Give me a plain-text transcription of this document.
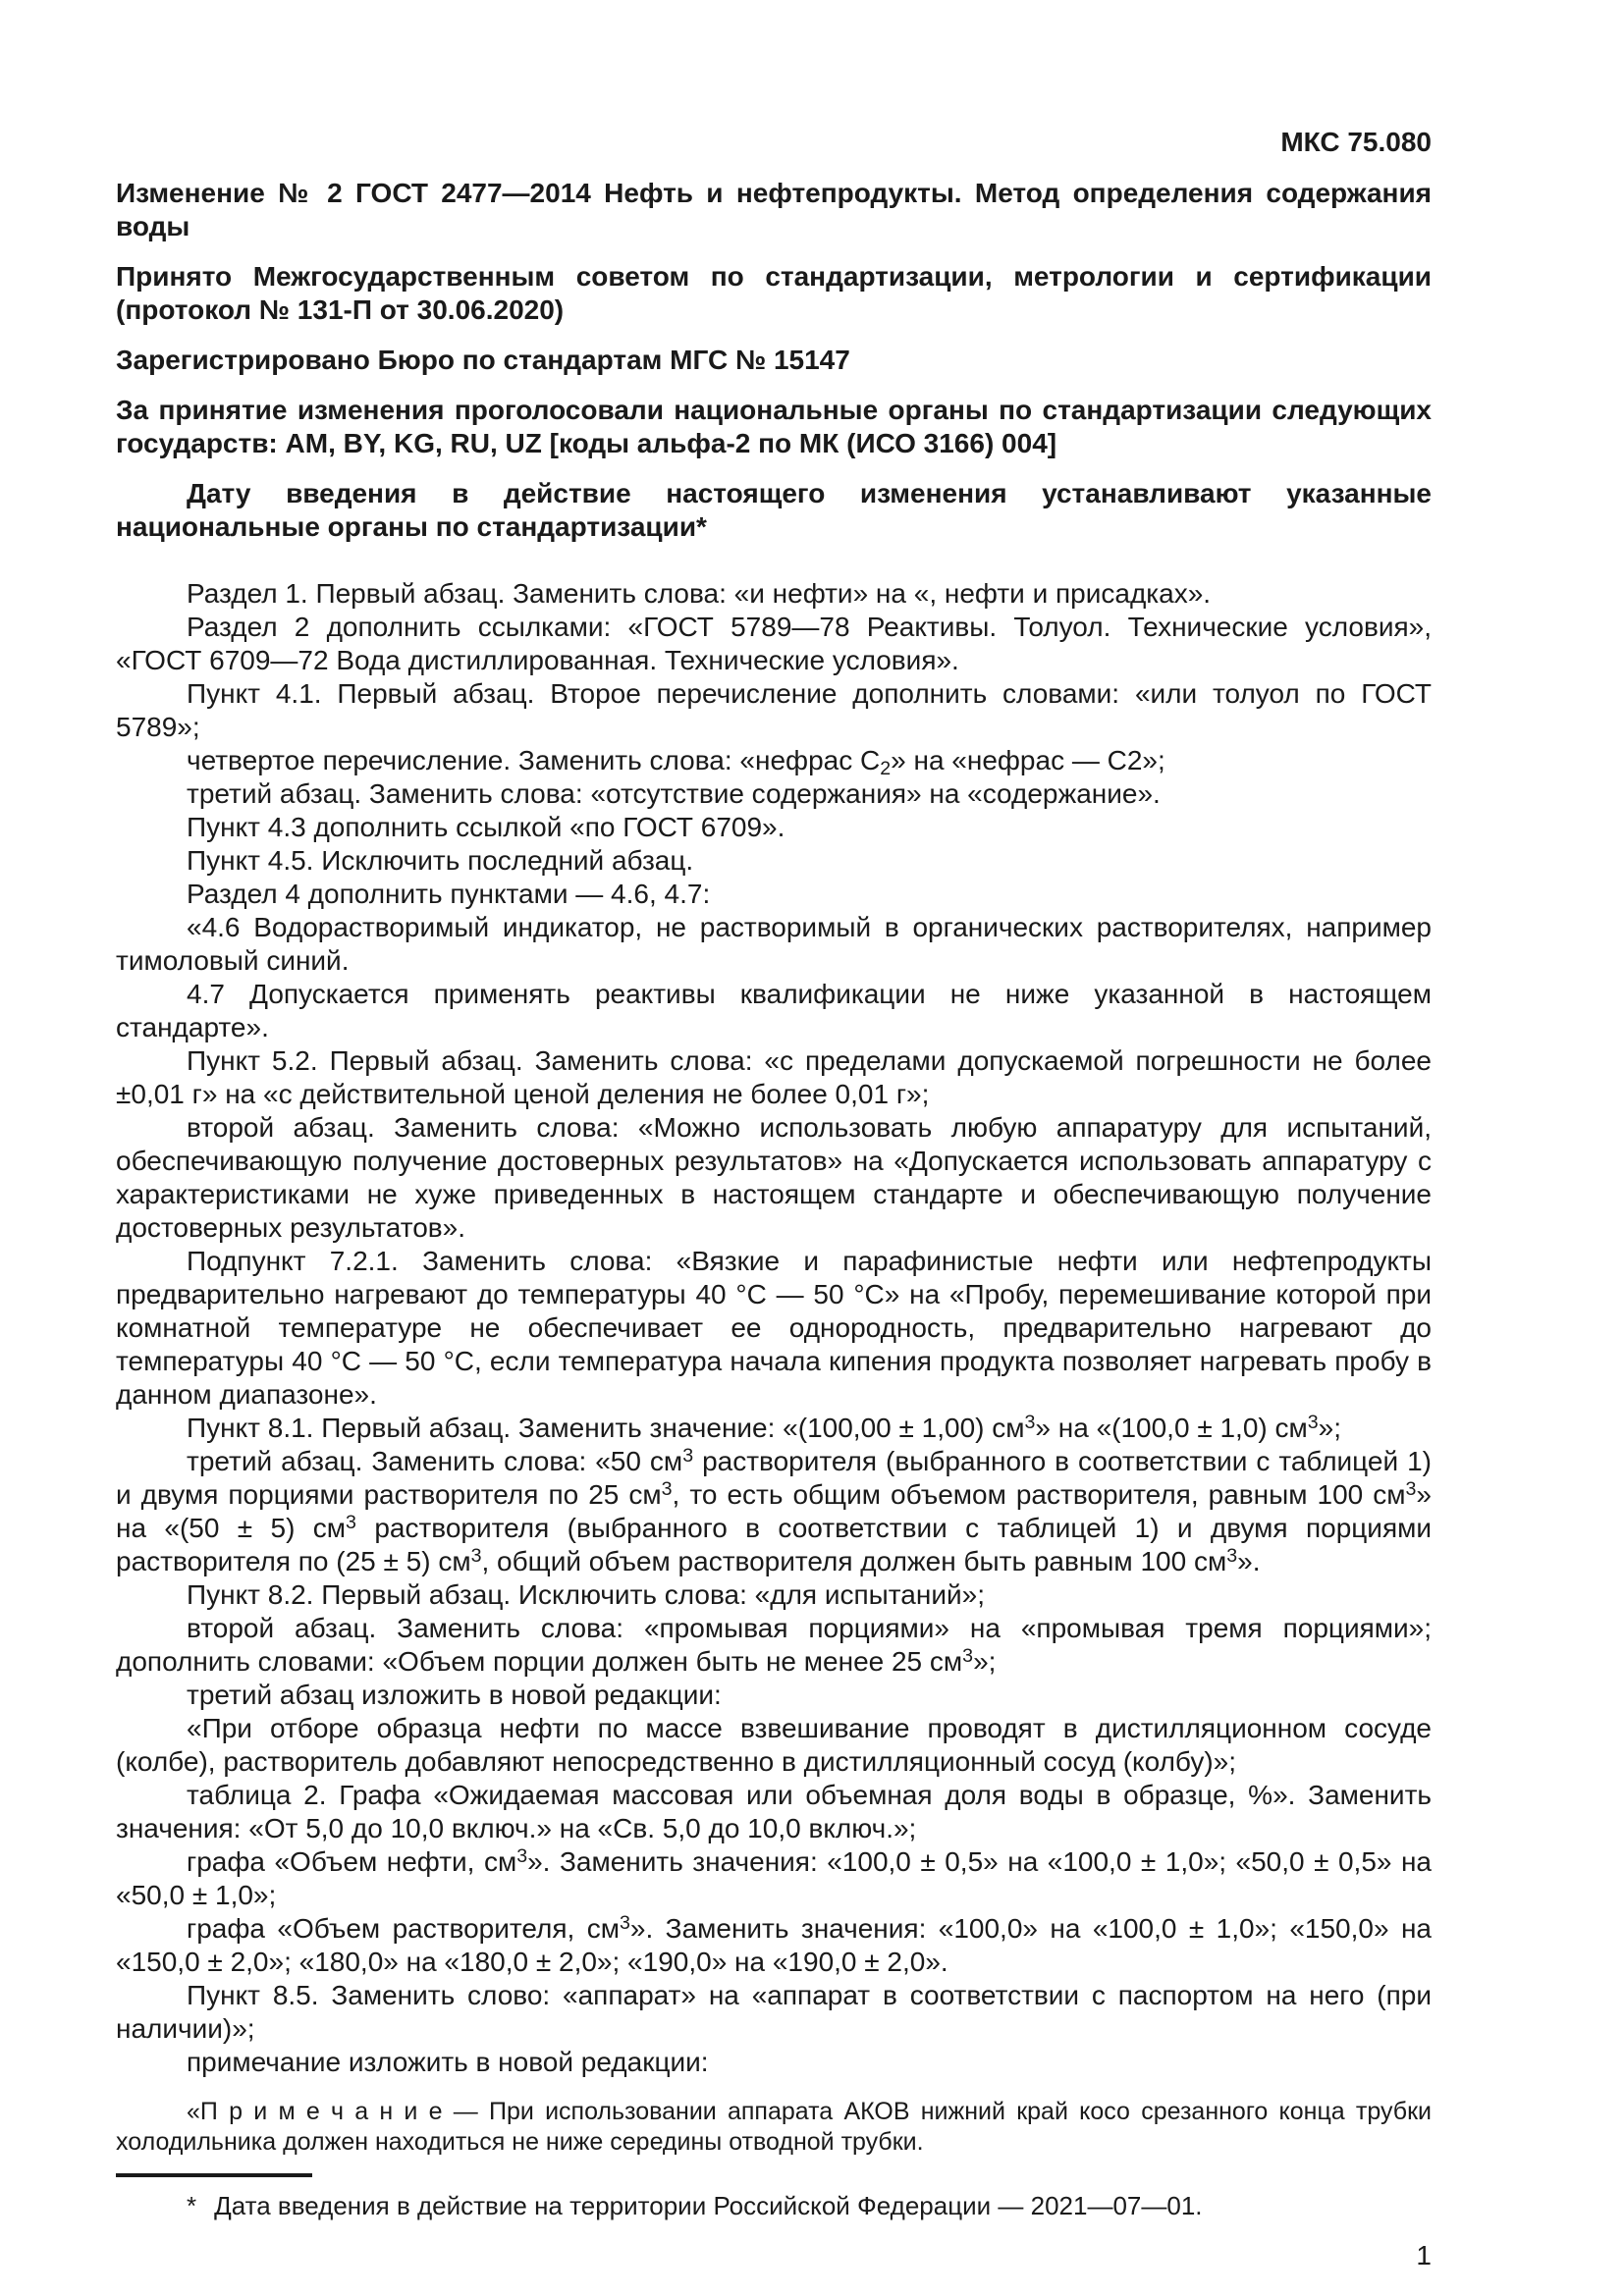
МКС 75.080

Изменение № 2 ГОСТ 2477—2014 Нефть и нефтепродукты. Метод определения содержания воды

Принято Межгосударственным советом по стандартизации, метрологии и сертификации (протокол № 131-П от 30.06.2020)

Зарегистрировано Бюро по стандартам МГС № 15147

За принятие изменения проголосовали национальные органы по стандартизации следующих государств: AM, BY, KG, RU, UZ [коды альфа-2 по МК (ИСО 3166) 004]

Дату введения в действие настоящего изменения устанавливают указанные национальные органы по стандартизации*

Раздел 1. Первый абзац. Заменить слова: «и нефти» на «, нефти и присадках».

Раздел 2 дополнить ссылками: «ГОСТ 5789—78 Реактивы. Толуол. Технические условия», «ГОСТ 6709—72 Вода дистиллированная. Технические условия».

Пункт 4.1. Первый абзац. Второе перечисление дополнить словами: «или толуол по ГОСТ 5789»;

четвертое перечисление. Заменить слова: «нефрас $С_2$» на «нефрас — С2»;

третий абзац. Заменить слова: «отсутствие содержания» на «содержание».

Пункт 4.3 дополнить ссылкой «по ГОСТ 6709».

Пункт 4.5. Исключить последний абзац.

Раздел 4 дополнить пунктами — 4.6, 4.7:

«4.6 Водорастворимый индикатор, не растворимый в органических растворителях, например тимоловый синий.

4.7 Допускается применять реактивы квалификации не ниже указанной в настоящем стандарте».

Пункт 5.2. Первый абзац. Заменить слова: «с пределами допускаемой погрешности не более ±0,01 г» на «с действительной ценой деления не более 0,01 г»;

второй абзац. Заменить слова: «Можно использовать любую аппаратуру для испытаний, обеспечивающую получение достоверных результатов» на «Допускается использовать аппаратуру с характеристиками не хуже приведенных в настоящем стандарте и обеспечивающую получение достоверных результатов».

Подпункт 7.2.1. Заменить слова: «Вязкие и парафинистые нефти или нефтепродукты предварительно нагревают до температуры 40 °С — 50 °С» на «Пробу, перемешивание которой при комнатной температуре не обеспечивает ее однородность, предварительно нагревают до температуры 40 °С — 50 °С, если температура начала кипения продукта позволяет нагревать пробу в данном диапазоне».

Пункт 8.1. Первый абзац. Заменить значение: «(100,00 ± 1,00) $см^3$» на «(100,0 ± 1,0) $см^3$»;

третий абзац. Заменить слова: «50 $см^3$ растворителя (выбранного в соответствии с таблицей 1) и двумя порциями растворителя по 25 $см^3$, то есть общим объемом растворителя, равным 100 $см^3$» на «(50 ± 5) $см^3$ растворителя (выбранного в соответствии с таблицей 1) и двумя порциями растворителя по (25 ± 5) $см^3$, общий объем растворителя должен быть равным 100 $см^3$».

Пункт 8.2. Первый абзац. Исключить слова: «для испытаний»;

второй абзац. Заменить слова: «промывая порциями» на «промывая тремя порциями»; дополнить словами: «Объем порции должен быть не менее 25 $см^3$»;

третий абзац изложить в новой редакции:

«При отборе образца нефти по массе взвешивание проводят в дистилляционном сосуде (колбе), растворитель добавляют непосредственно в дистилляционный сосуд (колбу)»;

таблица 2. Графа «Ожидаемая массовая или объемная доля воды в образце, %». Заменить значения: «От 5,0 до 10,0 включ.» на «Св. 5,0 до 10,0 включ.»;

графа «Объем нефти, $см^3$». Заменить значения: «100,0 ± 0,5» на «100,0 ± 1,0»; «50,0 ± 0,5» на «50,0 ± 1,0»;

графа «Объем растворителя, $см^3$». Заменить значения: «100,0» на «100,0 ± 1,0»; «150,0» на «150,0 ± 2,0»; «180,0» на «180,0 ± 2,0»; «190,0» на «190,0 ± 2,0».

Пункт 8.5. Заменить слово: «аппарат» на «аппарат в соответствии с паспортом на него (при наличии)»;

примечание изложить в новой редакции:

«П р и м е ч а н и е — При использовании аппарата АКОВ нижний край косо срезанного конца трубки холодильника должен находиться не ниже середины отводной трубки.

* Дата введения в действие на территории Российской Федерации — 2021—07—01.

1
